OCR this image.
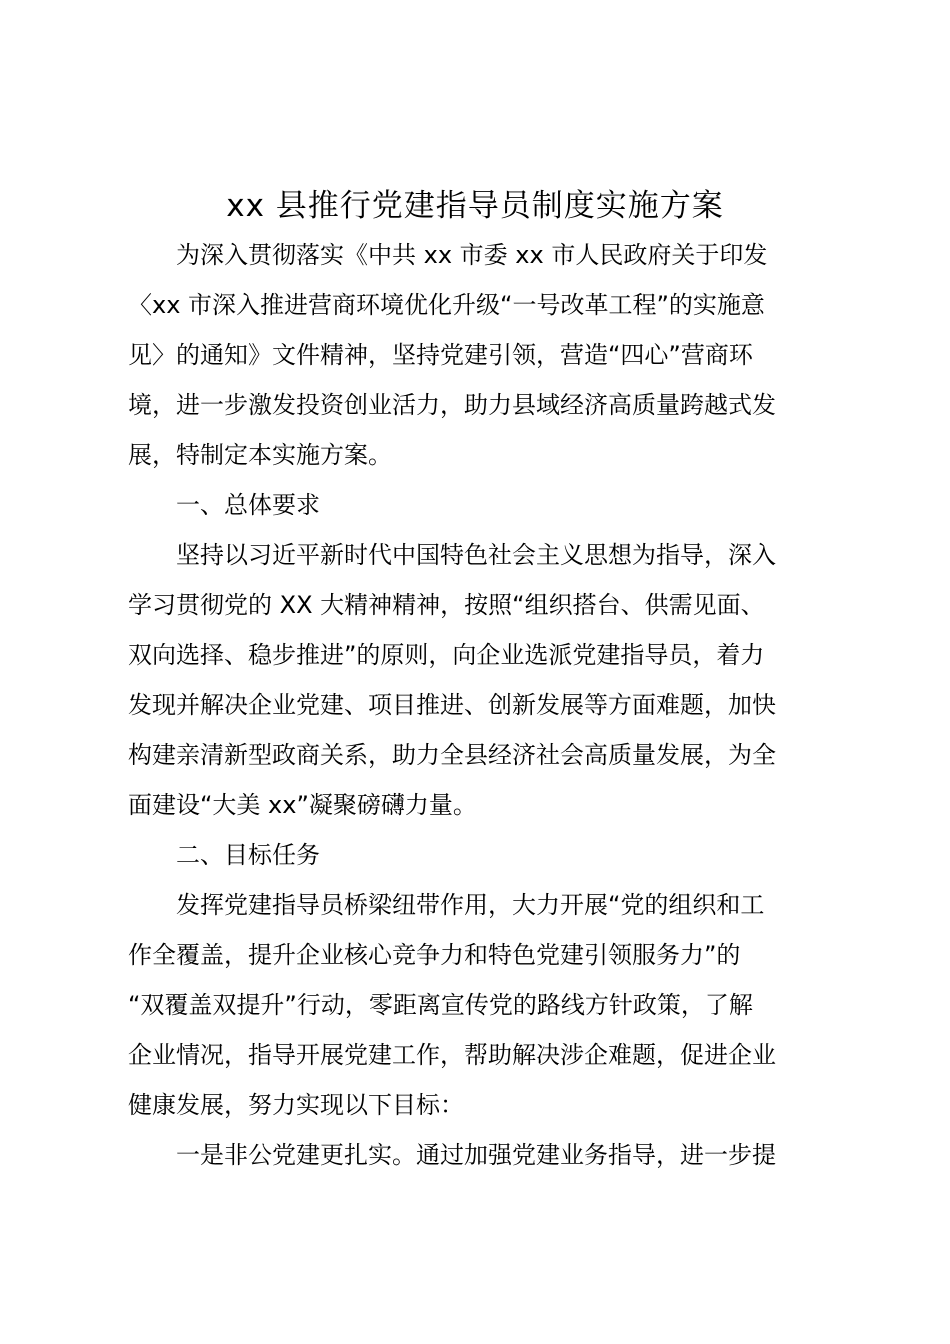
xx 县推行党建指导员制度实施方案
为深入贯彻落实《中共 xx 市委 xx 市人民政府关于印发
〈xx 市深入推进营商环境优化升级“一号改革工程”的实施意
见〉的通知》文件精神，坚持党建引领，营造“四心”营商环
境，进一步激发投资创业活力，助力县域经济高质量跨越式发
展，特制定本实施方案。
一、总体要求
坚持以习近平新时代中国特色社会主义思想为指导，深入
学习贯彻党的 XX 大精神精神，按照“组织搭台、供需见面、
双向选择、稳步推进”的原则，向企业选派党建指导员，着力
发现并解决企业党建、项目推进、创新发展等方面难题，加快
构建亲清新型政商关系，助力全县经济社会高质量发展，为全
面建设“大美 xx”凝聚磅礴力量。
二、目标任务
发挥党建指导员桥梁纽带作用，大力开展“党的组织和工
作全覆盖，提升企业核心竞争力和特色党建引领服务力”的
“双覆盖双提升”行动，零距离宣传党的路线方针政策，了解
企业情况，指导开展党建工作，帮助解决涉企难题，促进企业
健康发展，努力实现以下目标：
一是非公党建更扎实。通过加强党建业务指导，进一步提
